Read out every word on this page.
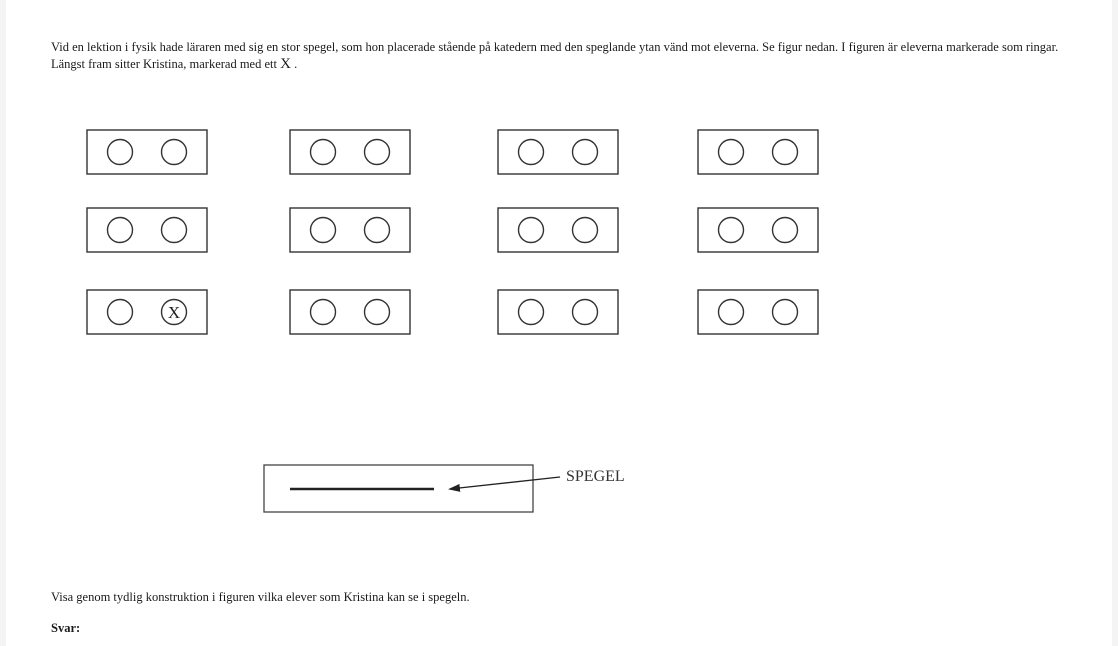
Vid en lektion i fysik hade läraren med sig en stor spegel, som hon placerade stående på katedern med den speglande ytan vänd mot eleverna. Se figur nedan. I figuren är eleverna markerade som ringar. Längst fram sitter Kristina, markerad med ett X .

X
SPEGEL

Visa genom tydlig konstruktion i figuren vilka elever som Kristina kan se i spegeln.

Svar:
